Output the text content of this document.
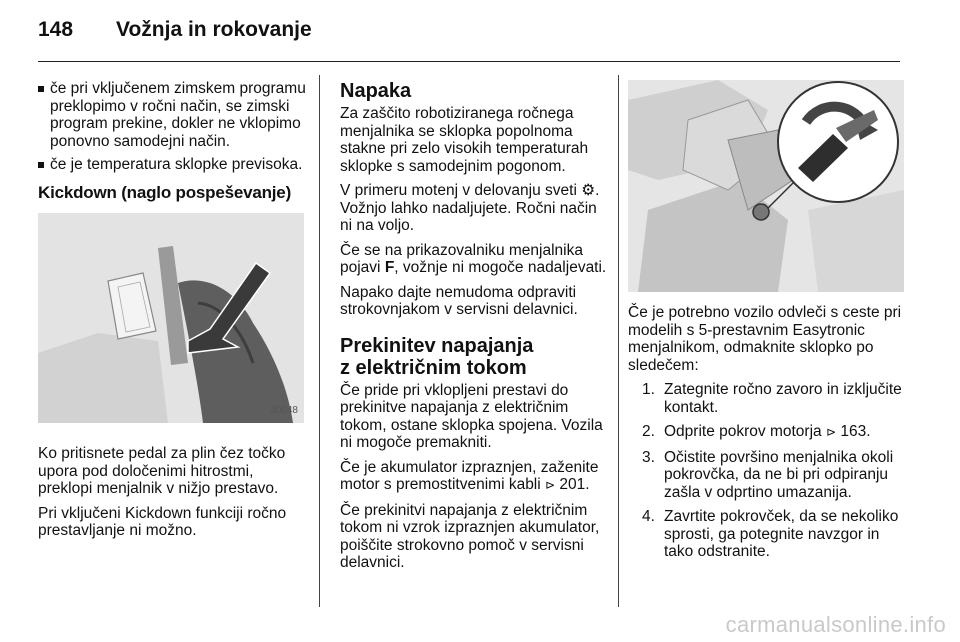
148	Vožnja in rokovanje
če pri vključenem zimskem programu preklopimo v ročni način, se zimski program prekine, dokler ne vklopimo ponovno samodejni način.
če je temperatura sklopke previsoka.
Kickdown (naglo pospeševanje)
30048

Ko pritisnete pedal za plin čez točko upora pod določenimi hitrostmi, preklopi menjalnik v nižjo prestavo.

Pri vključeni Kickdown funkciji ročno prestavljanje ni možno.

Napaka

Za zaščito robotiziranega ročnega menjalnika se sklopka popolnoma stakne pri zelo visokih temperaturah sklopke s samodejnim pogonom.

V primeru motenj v delovanju sveti ⚙. Vožnjo lahko nadaljujete. Ročni način ni na voljo.

Če se na prikazovalniku menjalnika pojavi F, vožnje ni mogoče nadaljevati.

Napako dajte nemudoma odpraviti strokovnjakom v servisni delavnici.

Prekinitev napajanja
z električnim tokom

Če pride pri vklopljeni prestavi do prekinitve napajanja z električnim tokom, ostane sklopka spojena. Vozila ni mogoče premakniti.

Če je akumulator izpraznjen, zaženite motor s premostitvenimi kabli ⊳ 201.

Če prekinitvi napajanja z električnim tokom ni vzrok izpraznjen akumulator, poiščite strokovno pomoč v servisni delavnici.

Če je potrebno vozilo odvleči s ceste pri modelih s 5-prestavnim Easytronic menjalnikom, odmaknite sklopko po sledečem:

1. Zategnite ročno zavoro in izključite kontakt.
2. Odprite pokrov motorja ⊳ 163.
3. Očistite površino menjalnika okoli pokrovčka, da ne bi pri odpiranju zašla v odprtino umazanija.
4. Zavrtite pokrovček, da se nekoliko sprosti, ga potegnite navzgor in tako odstranite.
carmanualsonline.info
